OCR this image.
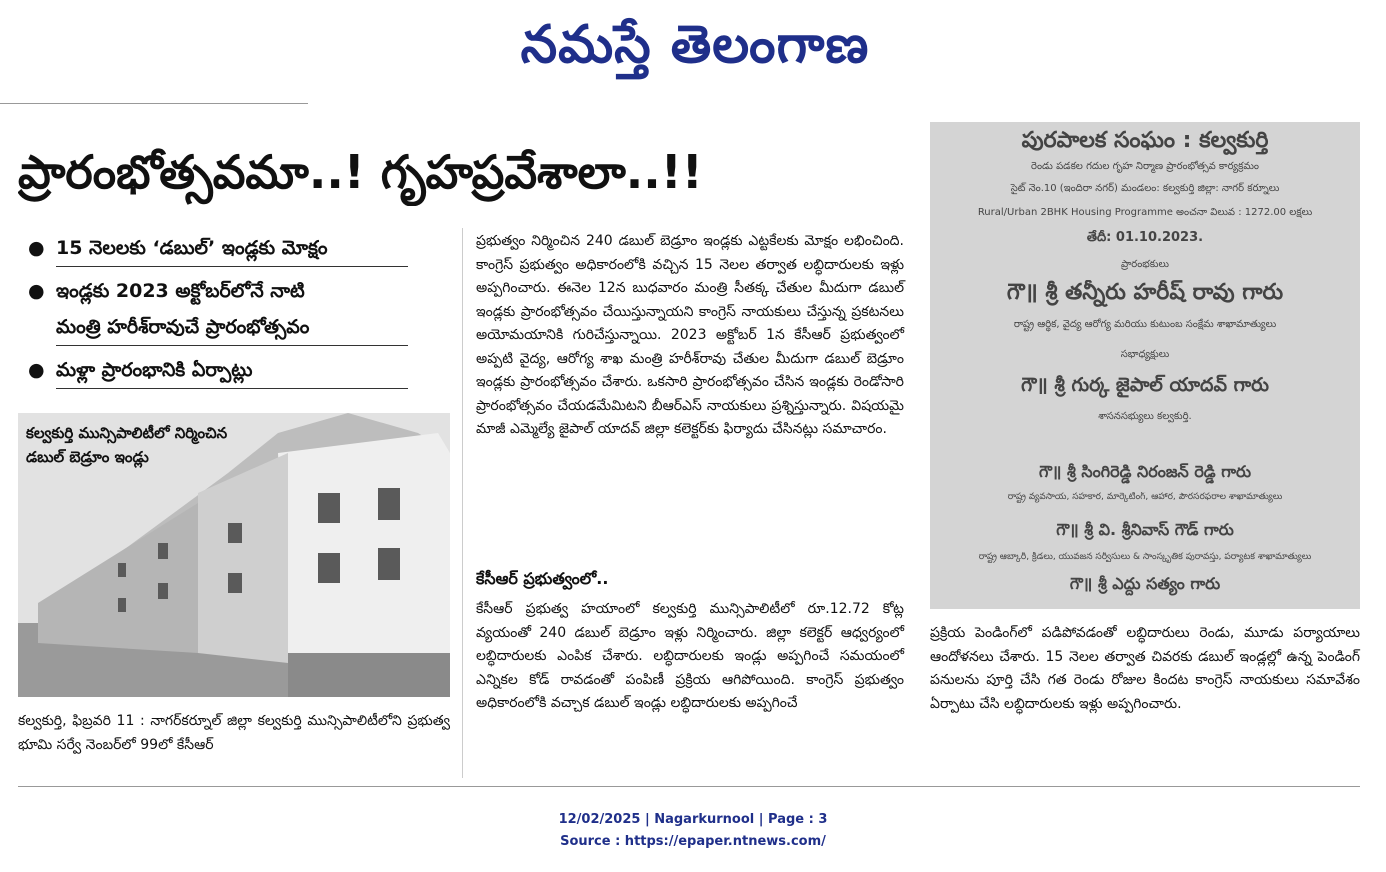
నమస్తే తెలంగాణ
ప్రారంభోత్సవమా..! గృహప్రవేశాలా..!!
● 15 నెలలకు ‘డబుల్’ ఇండ్లకు మోక్షం
● ఇండ్లకు 2023 అక్టోబర్‌లోనే నాటి
మంత్రి హరీశ్‌రావుచే ప్రారంభోత్సవం
● మళ్లా ప్రారంభానికి ఏర్పాట్లు
కల్వకుర్తి మున్సిపాలిటీలో నిర్మించిన డబుల్ బెడ్రూం ఇండ్లు
కల్వకుర్తి, ఫిబ్రవరి 11 : నాగర్‌కర్నూల్ జిల్లా కల్వకుర్తి మున్సిపాలిటీలోని ప్రభుత్వ భూమి సర్వే నెంబర్‌లో 99లో కేసీఆర్
ప్రభుత్వం నిర్మించిన 240 డబుల్ బెడ్రూం ఇండ్లకు ఎట్టకేలకు మోక్షం లభించింది. కాంగ్రెస్ ప్రభుత్వం అధికారంలోకి వచ్చిన 15 నెలల తర్వాత లబ్ధిదారులకు ఇళ్లు అప్పగించారు. ఈనెల 12న బుధవారం మంత్రి సీతక్క చేతుల మీదుగా డబుల్ ఇండ్లకు ప్రారంభోత్సవం చేయిస్తున్నాయని కాంగ్రెస్ నాయకులు చేస్తున్న ప్రకటనలు అయోమయానికి గురిచేస్తున్నాయి. 2023 అక్టోబర్ 1న కేసీఆర్ ప్రభుత్వంలో అప్పటి వైద్య, ఆరోగ్య శాఖ మంత్రి హరీశ్‌రావు చేతుల మీదుగా డబుల్ బెడ్రూం ఇండ్లకు ప్రారంభోత్సవం చేశారు. ఒకసారి ప్రారంభోత్సవం చేసిన ఇండ్లకు రెండోసారి ప్రారంభోత్సవం చేయడమేమిటని బీఆర్‌ఎస్ నాయకులు ప్రశ్నిస్తున్నారు. విషయమై మాజీ ఎమ్మెల్యే జైపాల్ యాదవ్ జిల్లా కలెక్టర్‌కు ఫిర్యాదు చేసినట్లు సమాచారం.
కేసీఆర్ ప్రభుత్వంలో..
కేసీఆర్ ప్రభుత్వ హయాంలో కల్వకుర్తి మున్సిపాలిటీలో రూ.12.72 కోట్ల వ్యయంతో 240 డబుల్ బెడ్రూం ఇళ్లు నిర్మించారు. జిల్లా కలెక్టర్ ఆధ్వర్యంలో లబ్ధిదారులకు ఎంపిక చేశారు. లబ్ధిదారులకు ఇండ్లు అప్పగించే సమయంలో ఎన్నికల కోడ్ రావడంతో పంపిణీ ప్రక్రియ ఆగిపోయింది. కాంగ్రెస్ ప్రభుత్వం అధికారంలోకి వచ్చాక డబుల్ ఇండ్లు లబ్ధిదారులకు అప్పగించే
పురపాలక సంఘం : కల్వకుర్తి
రెండు పడకల గదుల గృహ నిర్మాణ ప్రారంభోత్సవ కార్యక్రమం
సైట్ నెం.10 (ఇందిరా నగర్) మండలం: కల్వకుర్తి జిల్లా: నాగర్ కర్నూలు
Rural/Urban 2BHK Housing Programme అంచనా విలువ : 1272.00 లక్షలు
తేదీ: 01.10.2023.
ప్రారంభకులు
గౌ॥ శ్రీ తన్నీరు హరీష్ రావు గారు
రాష్ట్ర ఆర్థిక, వైద్య ఆరోగ్య మరియు కుటుంబ సంక్షేమ శాఖామాత్యులు
సభాధ్యక్షులు
గౌ॥ శ్రీ గుర్క జైపాల్ యాదవ్ గారు
శాసనసభ్యులు కల్వకుర్తి.
గౌ॥ శ్రీ సింగిరెడ్డి నిరంజన్ రెడ్డి గారు
రాష్ట్ర వ్యవసాయ, సహకార, మార్కెటింగ్, ఆహార, పౌరసరఫరాల శాఖామాత్యులు
గౌ॥ శ్రీ వి. శ్రీనివాస్ గౌడ్ గారు
రాష్ట్ర ఆబ్కారీ, క్రీడలు, యువజన సర్వీసులు & సాంస్కృతిక పురావస్తు, పర్యాటక శాఖామాత్యులు
గౌ॥ శ్రీ ఎద్దు సత్యం గారు
ప్రక్రియ పెండింగ్‌లో పడిపోవడంతో లబ్ధిదారులు రెండు, మూడు పర్యాయాలు ఆందోళనలు చేశారు. 15 నెలల తర్వాత చివరకు డబుల్ ఇండ్లల్లో ఉన్న పెండింగ్ పనులను పూర్తి చేసి గత రెండు రోజుల కిందట కాంగ్రెస్ నాయకులు సమావేశం ఏర్పాటు చేసి లబ్ధిదారులకు ఇళ్లు అప్పగించారు.
12/02/2025 | Nagarkurnool | Page : 3
Source : https://epaper.ntnews.com/
